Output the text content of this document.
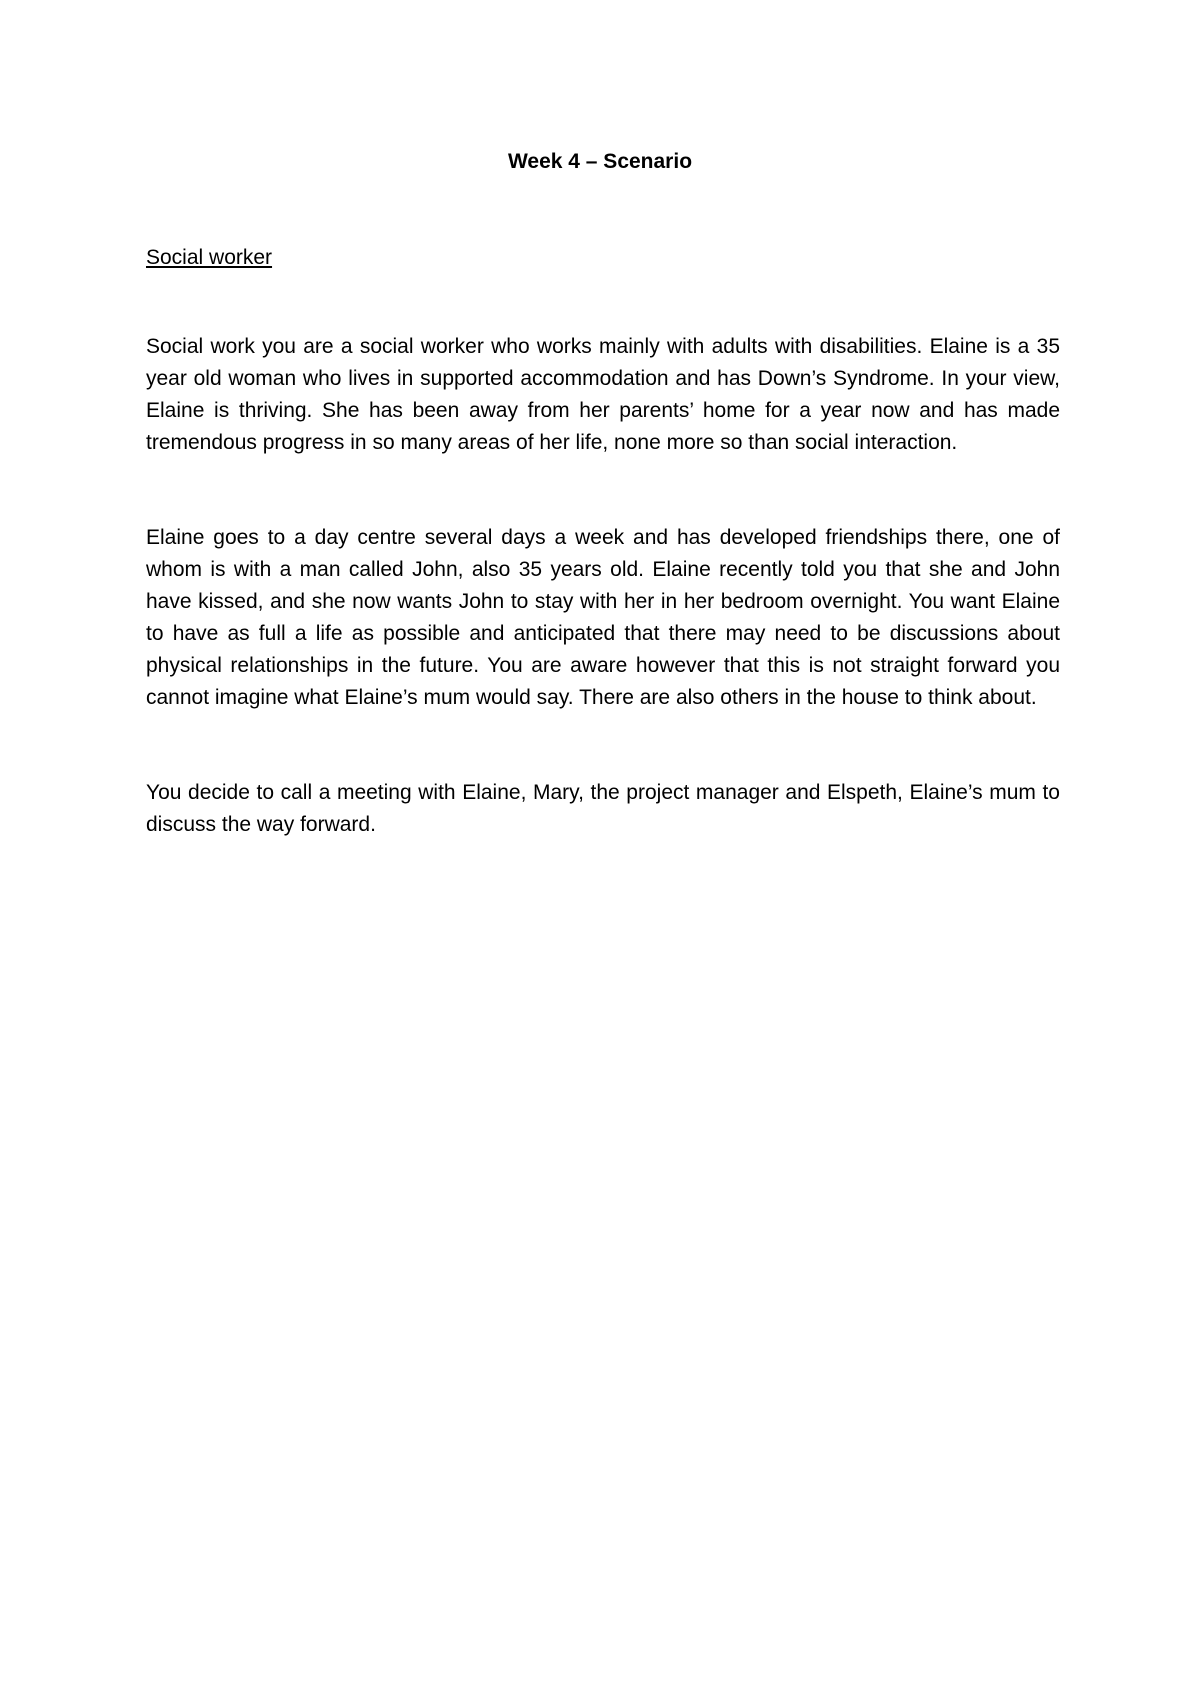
Week 4 – Scenario

Social worker

Social work you are a social worker who works mainly with adults with disabilities. Elaine is a 35 year old woman who lives in supported accommodation and has Down’s Syndrome. In your view, Elaine is thriving. She has been away from her parents’ home for a year now and has made tremendous progress in so many areas of her life, none more so than social interaction.

Elaine goes to a day centre several days a week and has developed friendships there, one of whom is with a man called John, also 35 years old. Elaine recently told you that she and John have kissed, and she now wants John to stay with her in her bedroom overnight. You want Elaine to have as full a life as possible and anticipated that there may need to be discussions about physical relationships in the future. You are aware however that this is not straight forward you cannot imagine what Elaine’s mum would say. There are also others in the house to think about.

You decide to call a meeting with Elaine, Mary, the project manager and Elspeth, Elaine’s mum to discuss the way forward.
